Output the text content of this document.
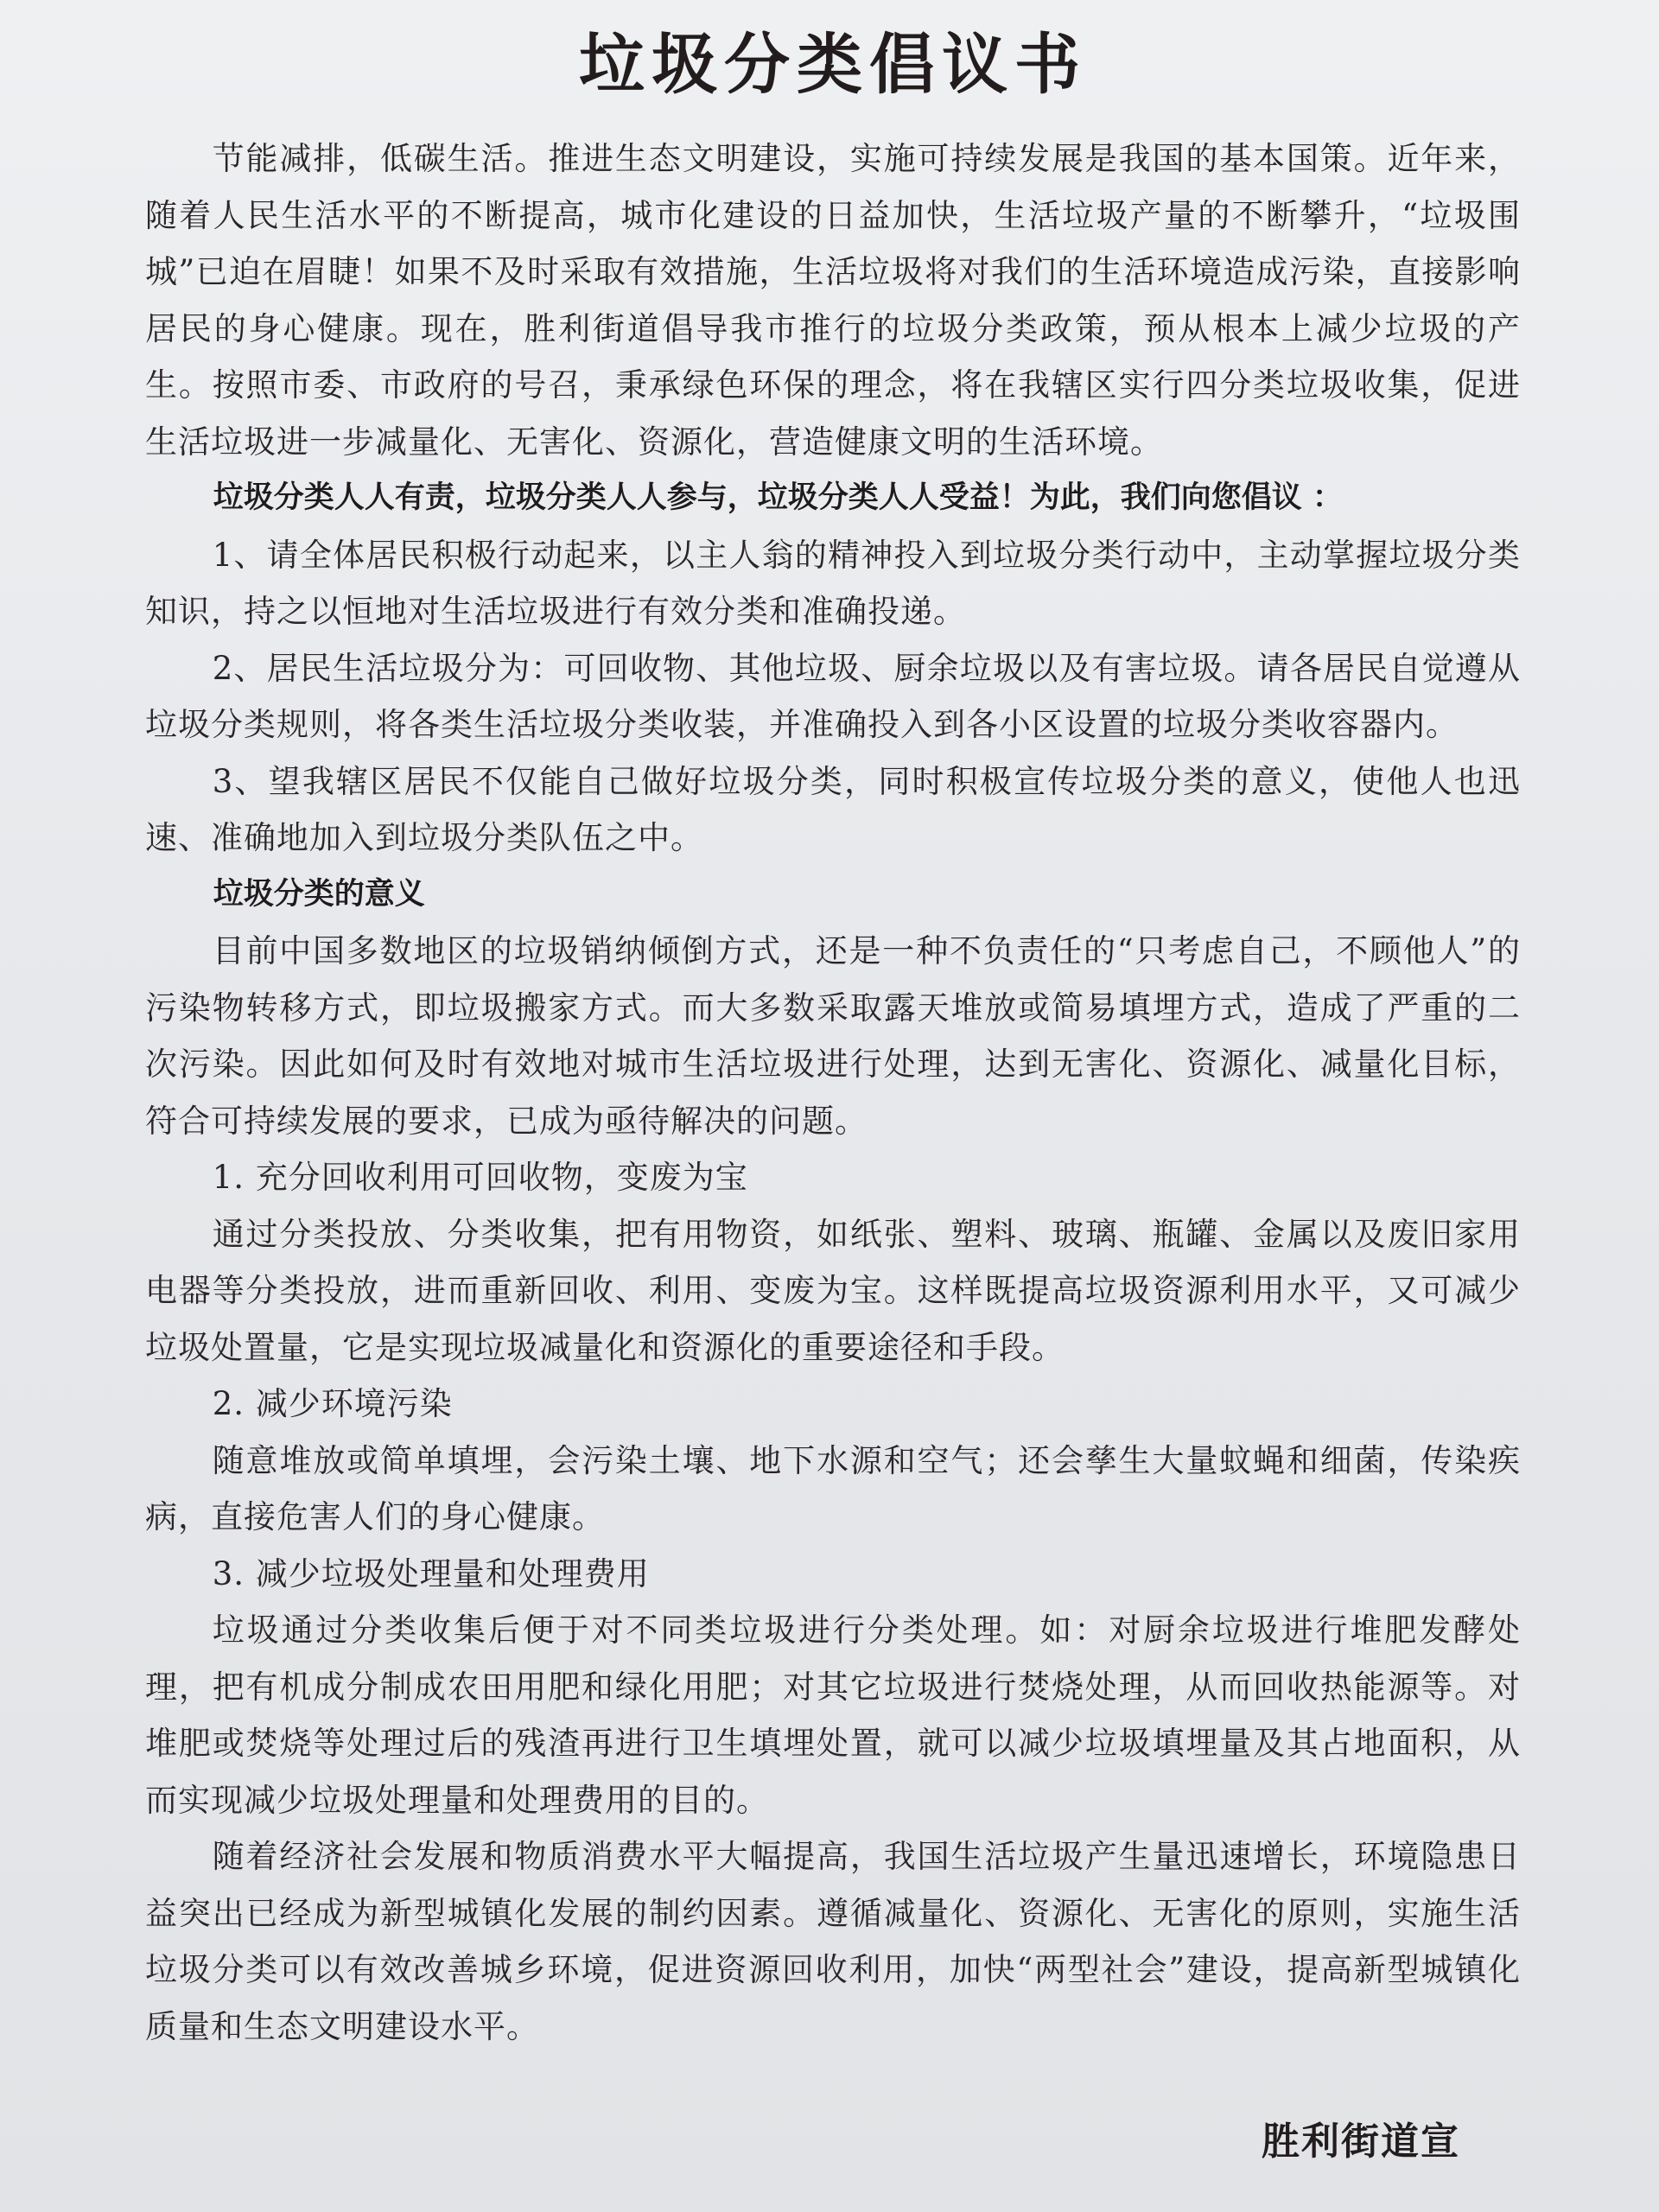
垃圾分类倡议书

节能减排，低碳生活。推进生态文明建设，实施可持续发展是我国的基本国策。近年来，随着人民生活水平的不断提高，城市化建设的日益加快，生活垃圾产量的不断攀升，“垃圾围城”已迫在眉睫！如果不及时采取有效措施，生活垃圾将对我们的生活环境造成污染，直接影响居民的身心健康。现在，胜利街道倡导我市推行的垃圾分类政策，预从根本上减少垃圾的产生。按照市委、市政府的号召，秉承绿色环保的理念，将在我辖区实行四分类垃圾收集，促进生活垃圾进一步减量化、无害化、资源化，营造健康文明的生活环境。

垃圾分类人人有责，垃圾分类人人参与，垃圾分类人人受益！为此，我们向您倡议 ：

1、请全体居民积极行动起来，以主人翁的精神投入到垃圾分类行动中，主动掌握垃圾分类知识，持之以恒地对生活垃圾进行有效分类和准确投递。

2、居民生活垃圾分为：可回收物、其他垃圾、厨余垃圾以及有害垃圾。请各居民自觉遵从垃圾分类规则，将各类生活垃圾分类收装，并准确投入到各小区设置的垃圾分类收容器内。

3、望我辖区居民不仅能自己做好垃圾分类，同时积极宣传垃圾分类的意义，使他人也迅速、准确地加入到垃圾分类队伍之中。

垃圾分类的意义

目前中国多数地区的垃圾销纳倾倒方式，还是一种不负责任的“只考虑自己，不顾他人”的污染物转移方式，即垃圾搬家方式。而大多数采取露天堆放或简易填埋方式，造成了严重的二次污染。因此如何及时有效地对城市生活垃圾进行处理，达到无害化、资源化、减量化目标，符合可持续发展的要求，已成为亟待解决的问题。

1. 充分回收利用可回收物，变废为宝

通过分类投放、分类收集，把有用物资，如纸张、塑料、玻璃、瓶罐、金属以及废旧家用电器等分类投放，进而重新回收、利用、变废为宝。这样既提高垃圾资源利用水平，又可减少垃圾处置量，它是实现垃圾减量化和资源化的重要途径和手段。

2. 减少环境污染

随意堆放或简单填埋，会污染土壤、地下水源和空气；还会孳生大量蚊蝇和细菌，传染疾病，直接危害人们的身心健康。

3. 减少垃圾处理量和处理费用

垃圾通过分类收集后便于对不同类垃圾进行分类处理。如：对厨余垃圾进行堆肥发酵处理，把有机成分制成农田用肥和绿化用肥；对其它垃圾进行焚烧处理，从而回收热能源等。对堆肥或焚烧等处理过后的残渣再进行卫生填埋处置，就可以减少垃圾填埋量及其占地面积，从而实现减少垃圾处理量和处理费用的目的。

随着经济社会发展和物质消费水平大幅提高，我国生活垃圾产生量迅速增长，环境隐患日益突出已经成为新型城镇化发展的制约因素。遵循减量化、资源化、无害化的原则，实施生活垃圾分类可以有效改善城乡环境，促进资源回收利用，加快“两型社会”建设，提高新型城镇化质量和生态文明建设水平。

胜利街道宣
